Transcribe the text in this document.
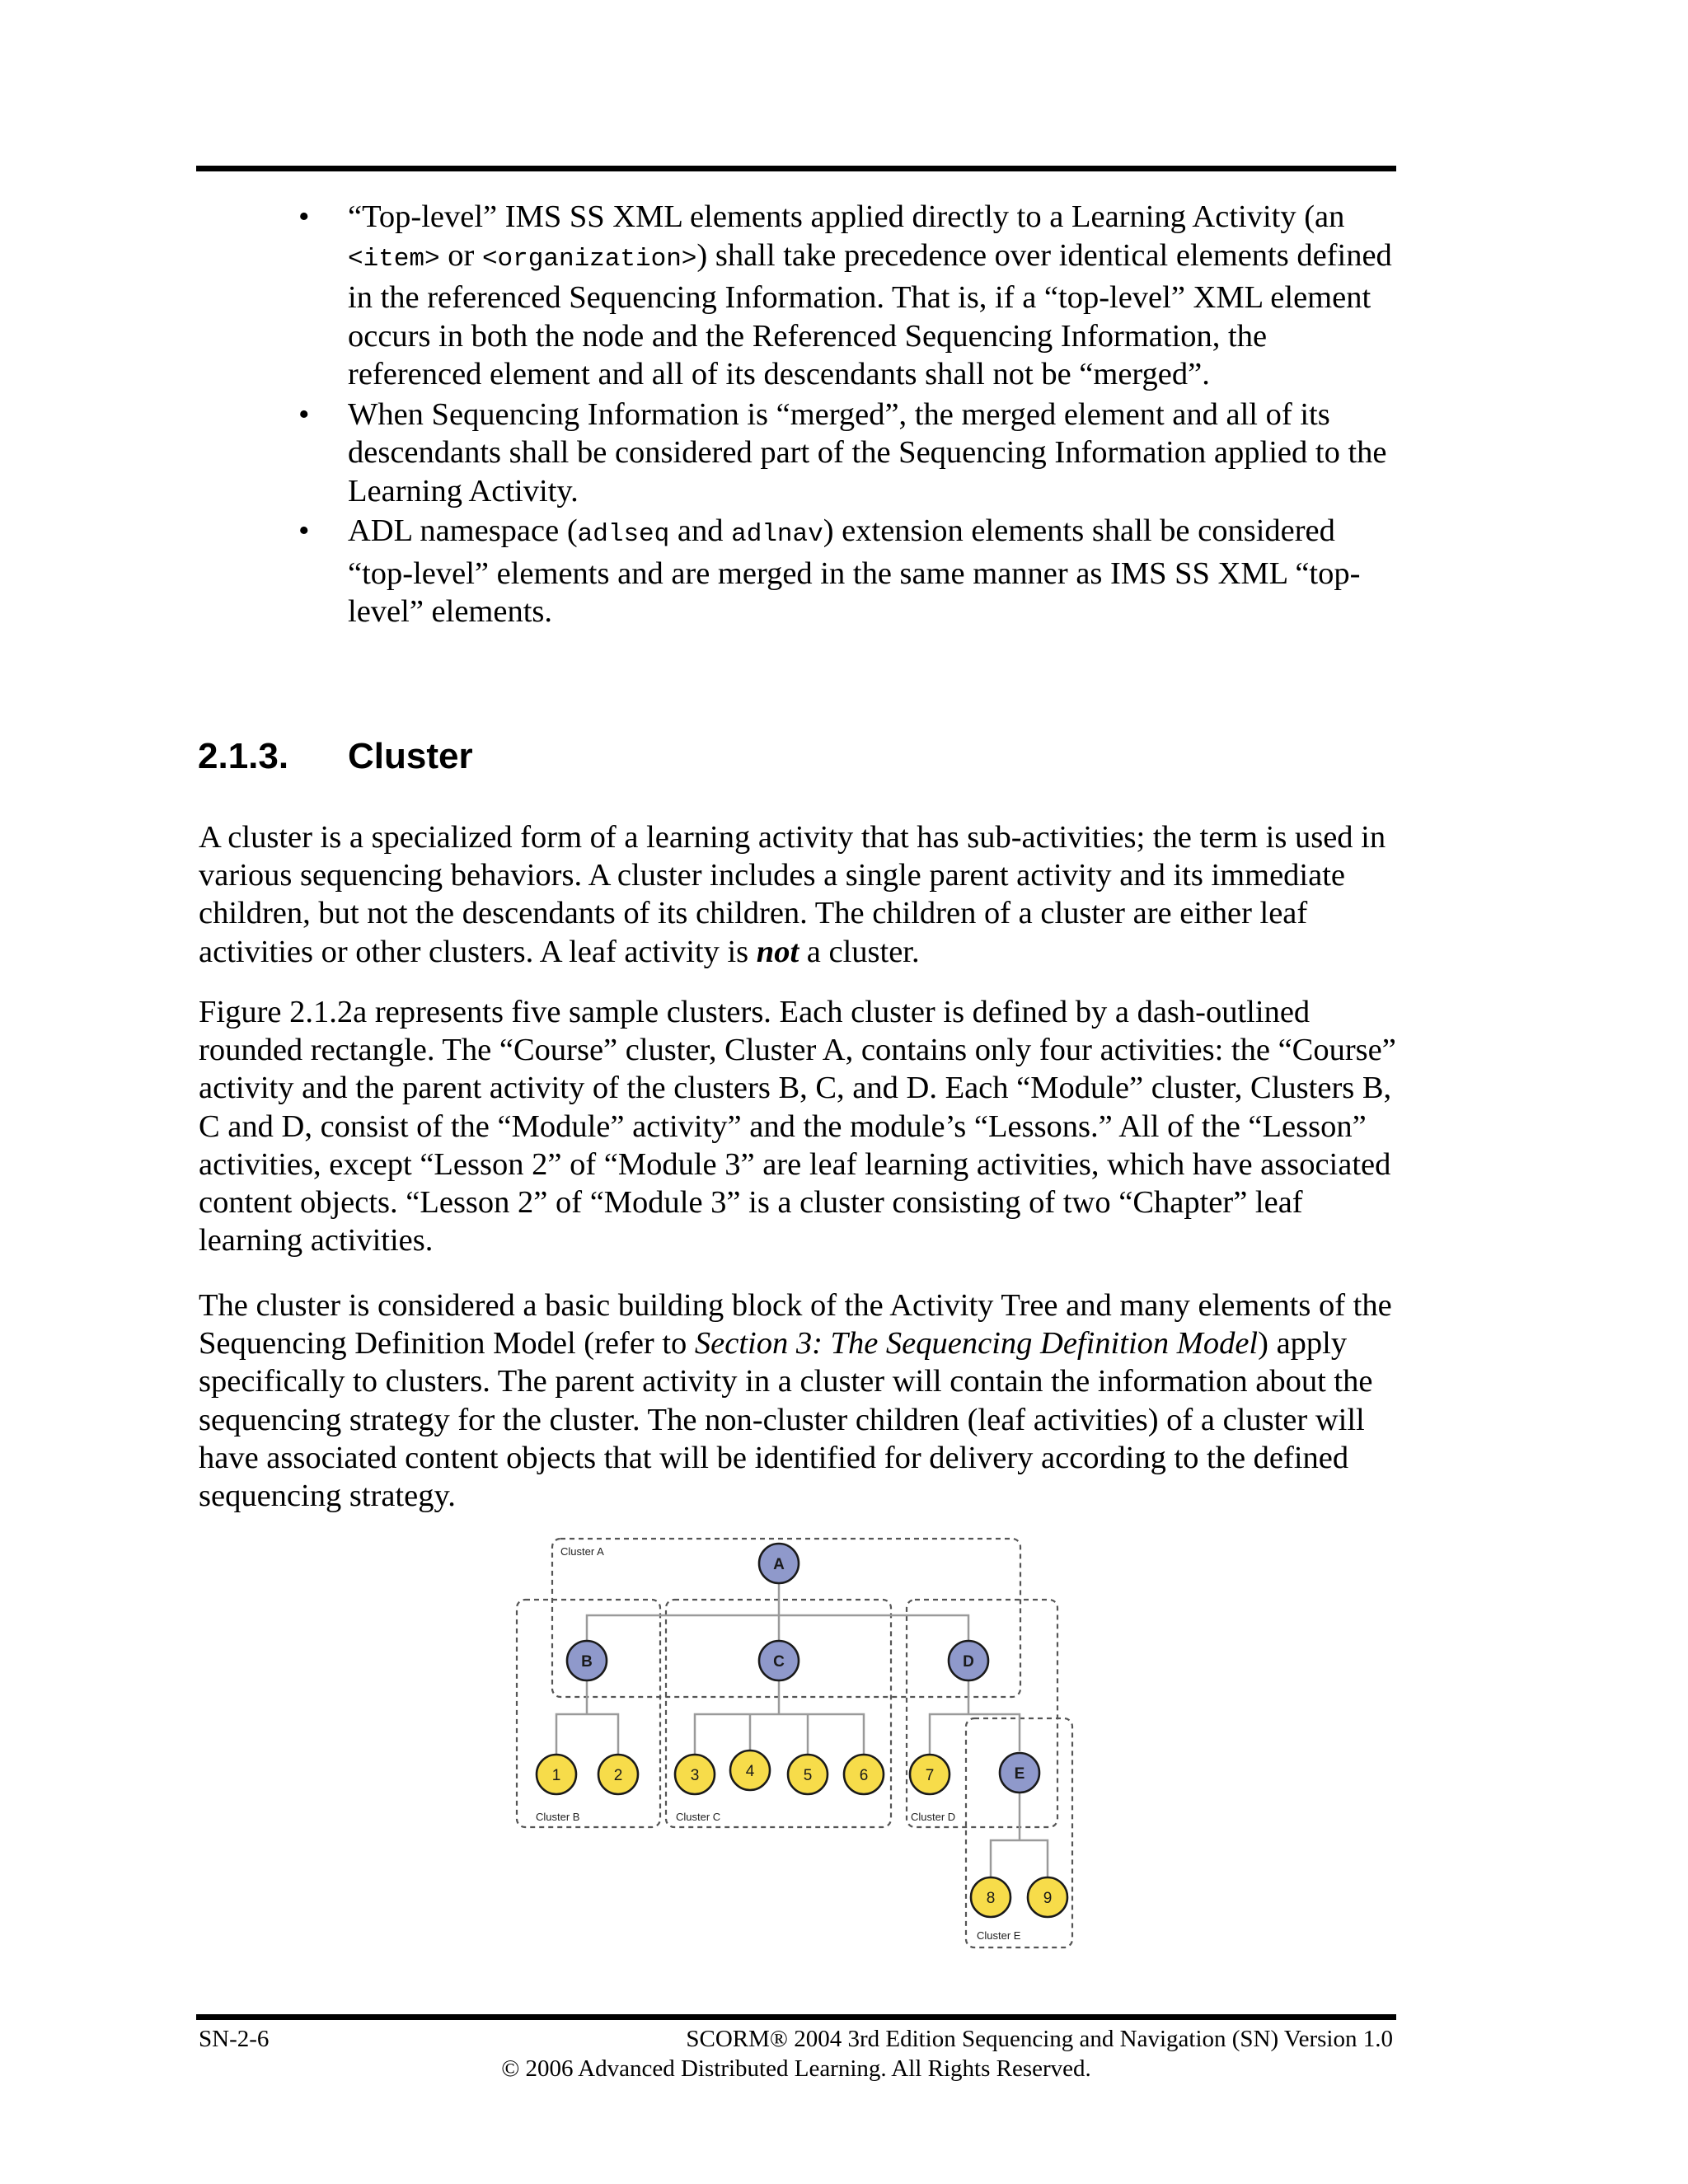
• “Top-level” IMS SS XML elements applied directly to a Learning Activity (an <item> or <organization>) shall take precedence over identical elements defined in the referenced Sequencing Information. That is, if a “top-level” XML element occurs in both the node and the Referenced Sequencing Information, the referenced element and all of its descendants shall not be “merged”.
• When Sequencing Information is “merged”, the merged element and all of its descendants shall be considered part of the Sequencing Information applied to the Learning Activity.
• ADL namespace (adlseq and adlnav) extension elements shall be considered “top-level” elements and are merged in the same manner as IMS SS XML “top-level” elements.
2.1.3. Cluster

A cluster is a specialized form of a learning activity that has sub-activities; the term is used in various sequencing behaviors. A cluster includes a single parent activity and its immediate children, but not the descendants of its children. The children of a cluster are either leaf activities or other clusters. A leaf activity is not a cluster.

Figure 2.1.2a represents five sample clusters. Each cluster is defined by a dash-outlined rounded rectangle. The “Course” cluster, Cluster A, contains only four activities: the “Course” activity and the parent activity of the clusters B, C, and D. Each “Module” cluster, Clusters B, C and D, consist of the “Module” activity” and the module’s “Lessons.” All of the “Lesson” activities, except “Lesson 2” of “Module 3” are leaf learning activities, which have associated content objects. “Lesson 2” of “Module 3” is a cluster consisting of two “Chapter” leaf learning activities.

The cluster is considered a basic building block of the Activity Tree and many elements of the Sequencing Definition Model (refer to Section 3: The Sequencing Definition Model) apply specifically to clusters. The parent activity in a cluster will contain the information about the sequencing strategy for the cluster. The non-cluster children (leaf activities) of a cluster will have associated content objects that will be identified for delivery according to the defined sequencing strategy.

Cluster A
Cluster B	Cluster C	Cluster D
Cluster E
A
B	C	D
E
1	2	3	4	5	6	7
8	9
SN-2-6	SCORM® 2004 3rd Edition Sequencing and Navigation (SN) Version 1.0
© 2006 Advanced Distributed Learning. All Rights Reserved.
